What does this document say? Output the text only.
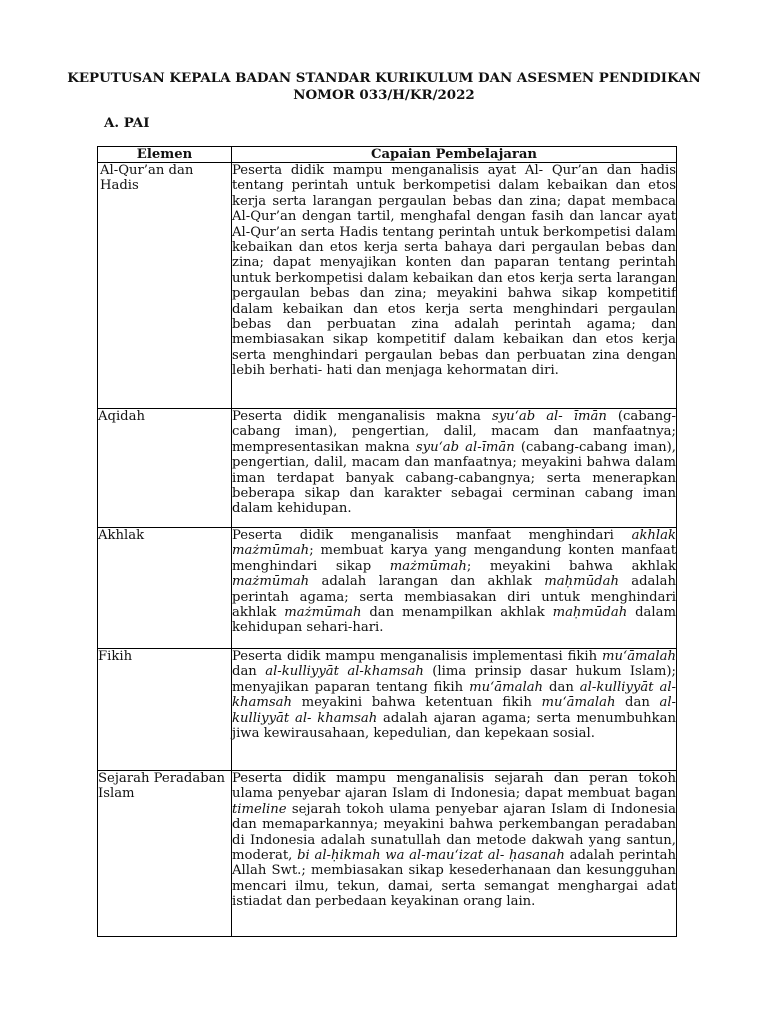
KEPUTUSAN KEPALA BADAN STANDAR KURIKULUM DAN ASESMEN PENDIDIKAN
NOMOR 033/H/KR/2022
A. PAI
Elemen	Capaian Pembelajaran
Al-Qur’an dan Hadis	Peserta didik mampu menganalisis ayat Al- Qur’an dan hadis tentang perintah untuk berkompetisi dalam kebaikan dan etos kerja serta larangan pergaulan bebas dan zina; dapat membaca Al-Qur’an dengan tartil, menghafal dengan fasih dan lancar ayat Al-Qur’an serta Hadis tentang perintah untuk berkompetisi dalam kebaikan dan etos kerja serta bahaya dari pergaulan bebas dan zina; dapat menyajikan konten dan paparan tentang perintah untuk berkompetisi dalam kebaikan dan etos kerja serta larangan pergaulan bebas dan zina; meyakini bahwa sikap kompetitif dalam kebaikan dan etos kerja serta menghindari pergaulan bebas dan perbuatan zina adalah perintah agama; dan membiasakan sikap kompetitif dalam kebaikan dan etos kerja serta menghindari pergaulan bebas dan perbuatan zina dengan lebih berhati- hati dan menjaga kehormatan diri.
Aqidah	Peserta didik menganalisis makna syu‘ab al- īmān (cabang-cabang iman), pengertian, dalil, macam dan manfaatnya; mempresentasikan makna syu‘ab al-īmān (cabang-cabang iman), pengertian, dalil, macam dan manfaatnya; meyakini bahwa dalam iman terdapat banyak cabang-cabangnya; serta menerapkan beberapa sikap dan karakter sebagai cerminan cabang iman dalam kehidupan.
Akhlak	Peserta didik menganalisis manfaat menghindari akhlak mażmūmah; membuat karya yang mengandung konten manfaat menghindari sikap mażmūmah; meyakini bahwa akhlak mażmūmah adalah larangan dan akhlak maḥmūdah adalah perintah agama; serta membiasakan diri untuk menghindari akhlak mażmūmah dan menampilkan akhlak maḥmūdah dalam kehidupan sehari-hari.
Fikih	Peserta didik mampu menganalisis implementasi fikih mu‘āmalah dan al-kulliyyāt al-khamsah (lima prinsip dasar hukum Islam); menyajikan paparan tentang fikih mu‘āmalah dan al-kulliyyāt al-khamsah meyakini bahwa ketentuan fikih mu‘āmalah dan al-kulliyyāt al- khamsah adalah ajaran agama; serta menumbuhkan jiwa kewirausahaan, kepedulian, dan kepekaan sosial.
Sejarah Peradaban Islam	Peserta didik mampu menganalisis sejarah dan peran tokoh ulama penyebar ajaran Islam di Indonesia; dapat membuat bagan timeline sejarah tokoh ulama penyebar ajaran Islam di Indonesia dan memaparkannya; meyakini bahwa perkembangan peradaban di Indonesia adalah sunatullah dan metode dakwah yang santun, moderat, bi al-ḥikmah wa al-mau‘izat al- ḥasanah adalah perintah Allah Swt.; membiasakan sikap kesederhanaan dan kesungguhan mencari ilmu, tekun, damai, serta semangat menghargai adat istiadat dan perbedaan keyakinan orang lain.
